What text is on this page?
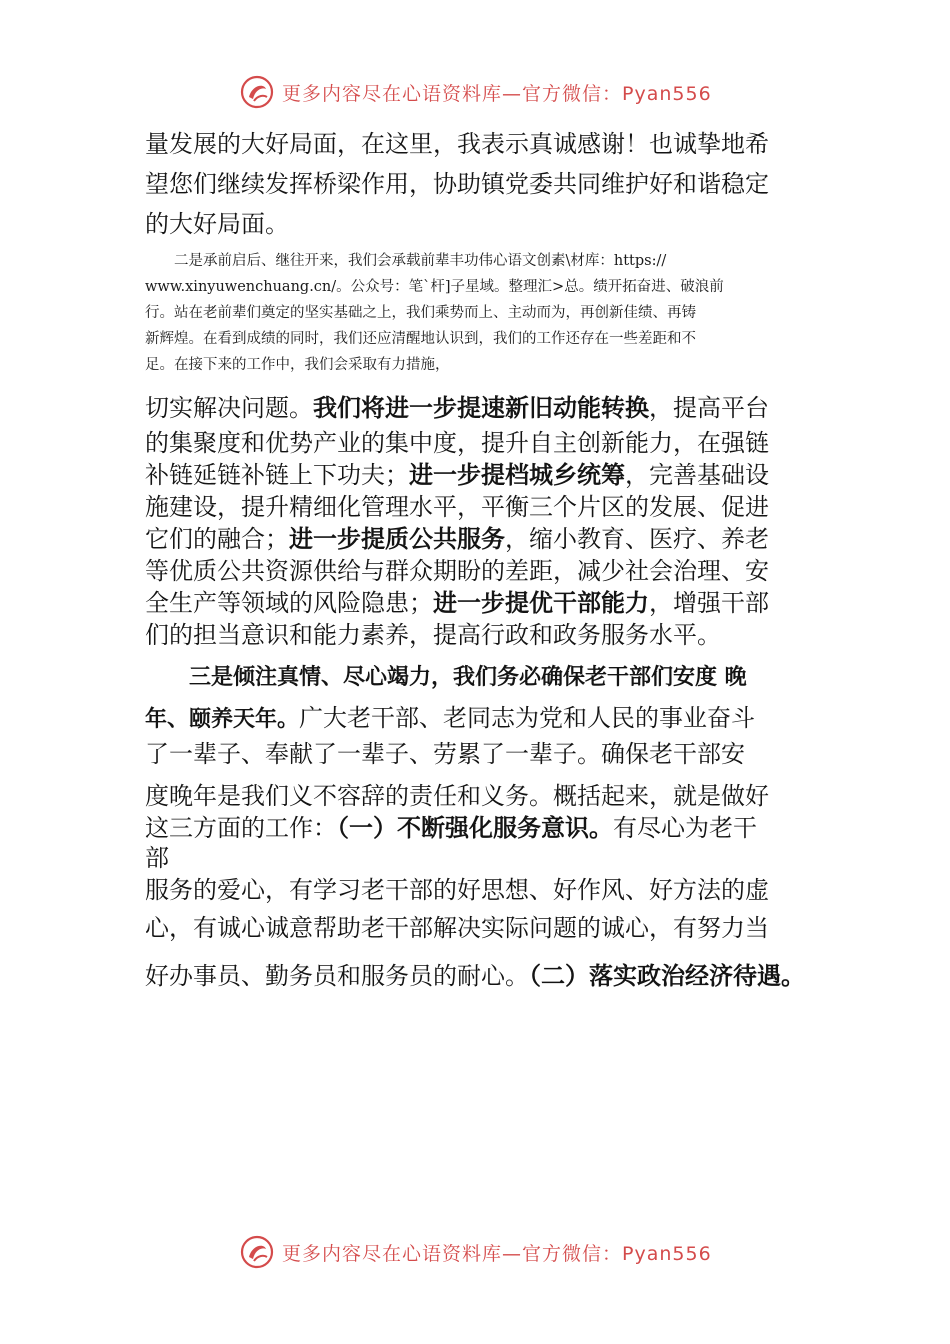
更多内容尽在心语资料库—官方微信：Pyan556
量发展的大好局面，在这里，我表示真诚感谢！也诚挚地希
望您们继续发挥桥梁作用，协助镇党委共同维护好和谐稳定
的大好局面。
　　二是承前启后、继往开来，我们会承载前辈丰功伟心语文创素\材库：https://
www.xinyuwenchuang.cn/。公众号：笔`杆]子星域。整理汇>总。绩开拓奋进、破浪前
行。站在老前辈们奠定的坚实基础之上，我们乘势而上、主动而为，再创新佳绩、再铸
新辉煌。在看到成绩的同时，我们还应清醒地认识到，我们的工作还存在一些差距和不
足。在接下来的工作中，我们会采取有力措施，
切实解决问题。我们将进一步提速新旧动能转换，提高平台
的集聚度和优势产业的集中度，提升自主创新能力，在强链
补链延链补链上下功夫；进一步提档城乡统筹，完善基础设
施建设，提升精细化管理水平，平衡三个片区的发展、促进
它们的融合；进一步提质公共服务，缩小教育、医疗、养老
等优质公共资源供给与群众期盼的差距，减少社会治理、安
全生产等领域的风险隐患；进一步提优干部能力，增强干部
们的担当意识和能力素养，提高行政和政务服务水平。
　　三是倾注真情、尽心竭力，我们务必确保老干部们安度 晚
年、颐养天年。广大老干部、老同志为党和人民的事业奋斗
了一辈子、奉献了一辈子、劳累了一辈子。确保老干部安
度晚年是我们义不容辞的责任和义务。概括起来，就是做好
这三方面的工作：（一）不断强化服务意识。有尽心为老干
部
服务的爱心，有学习老干部的好思想、好作风、好方法的虚
心，有诚心诚意帮助老干部解决实际问题的诚心，有努力当
好办事员、勤务员和服务员的耐心。（二）落实政治经济待遇。
更多内容尽在心语资料库—官方微信：Pyan556
